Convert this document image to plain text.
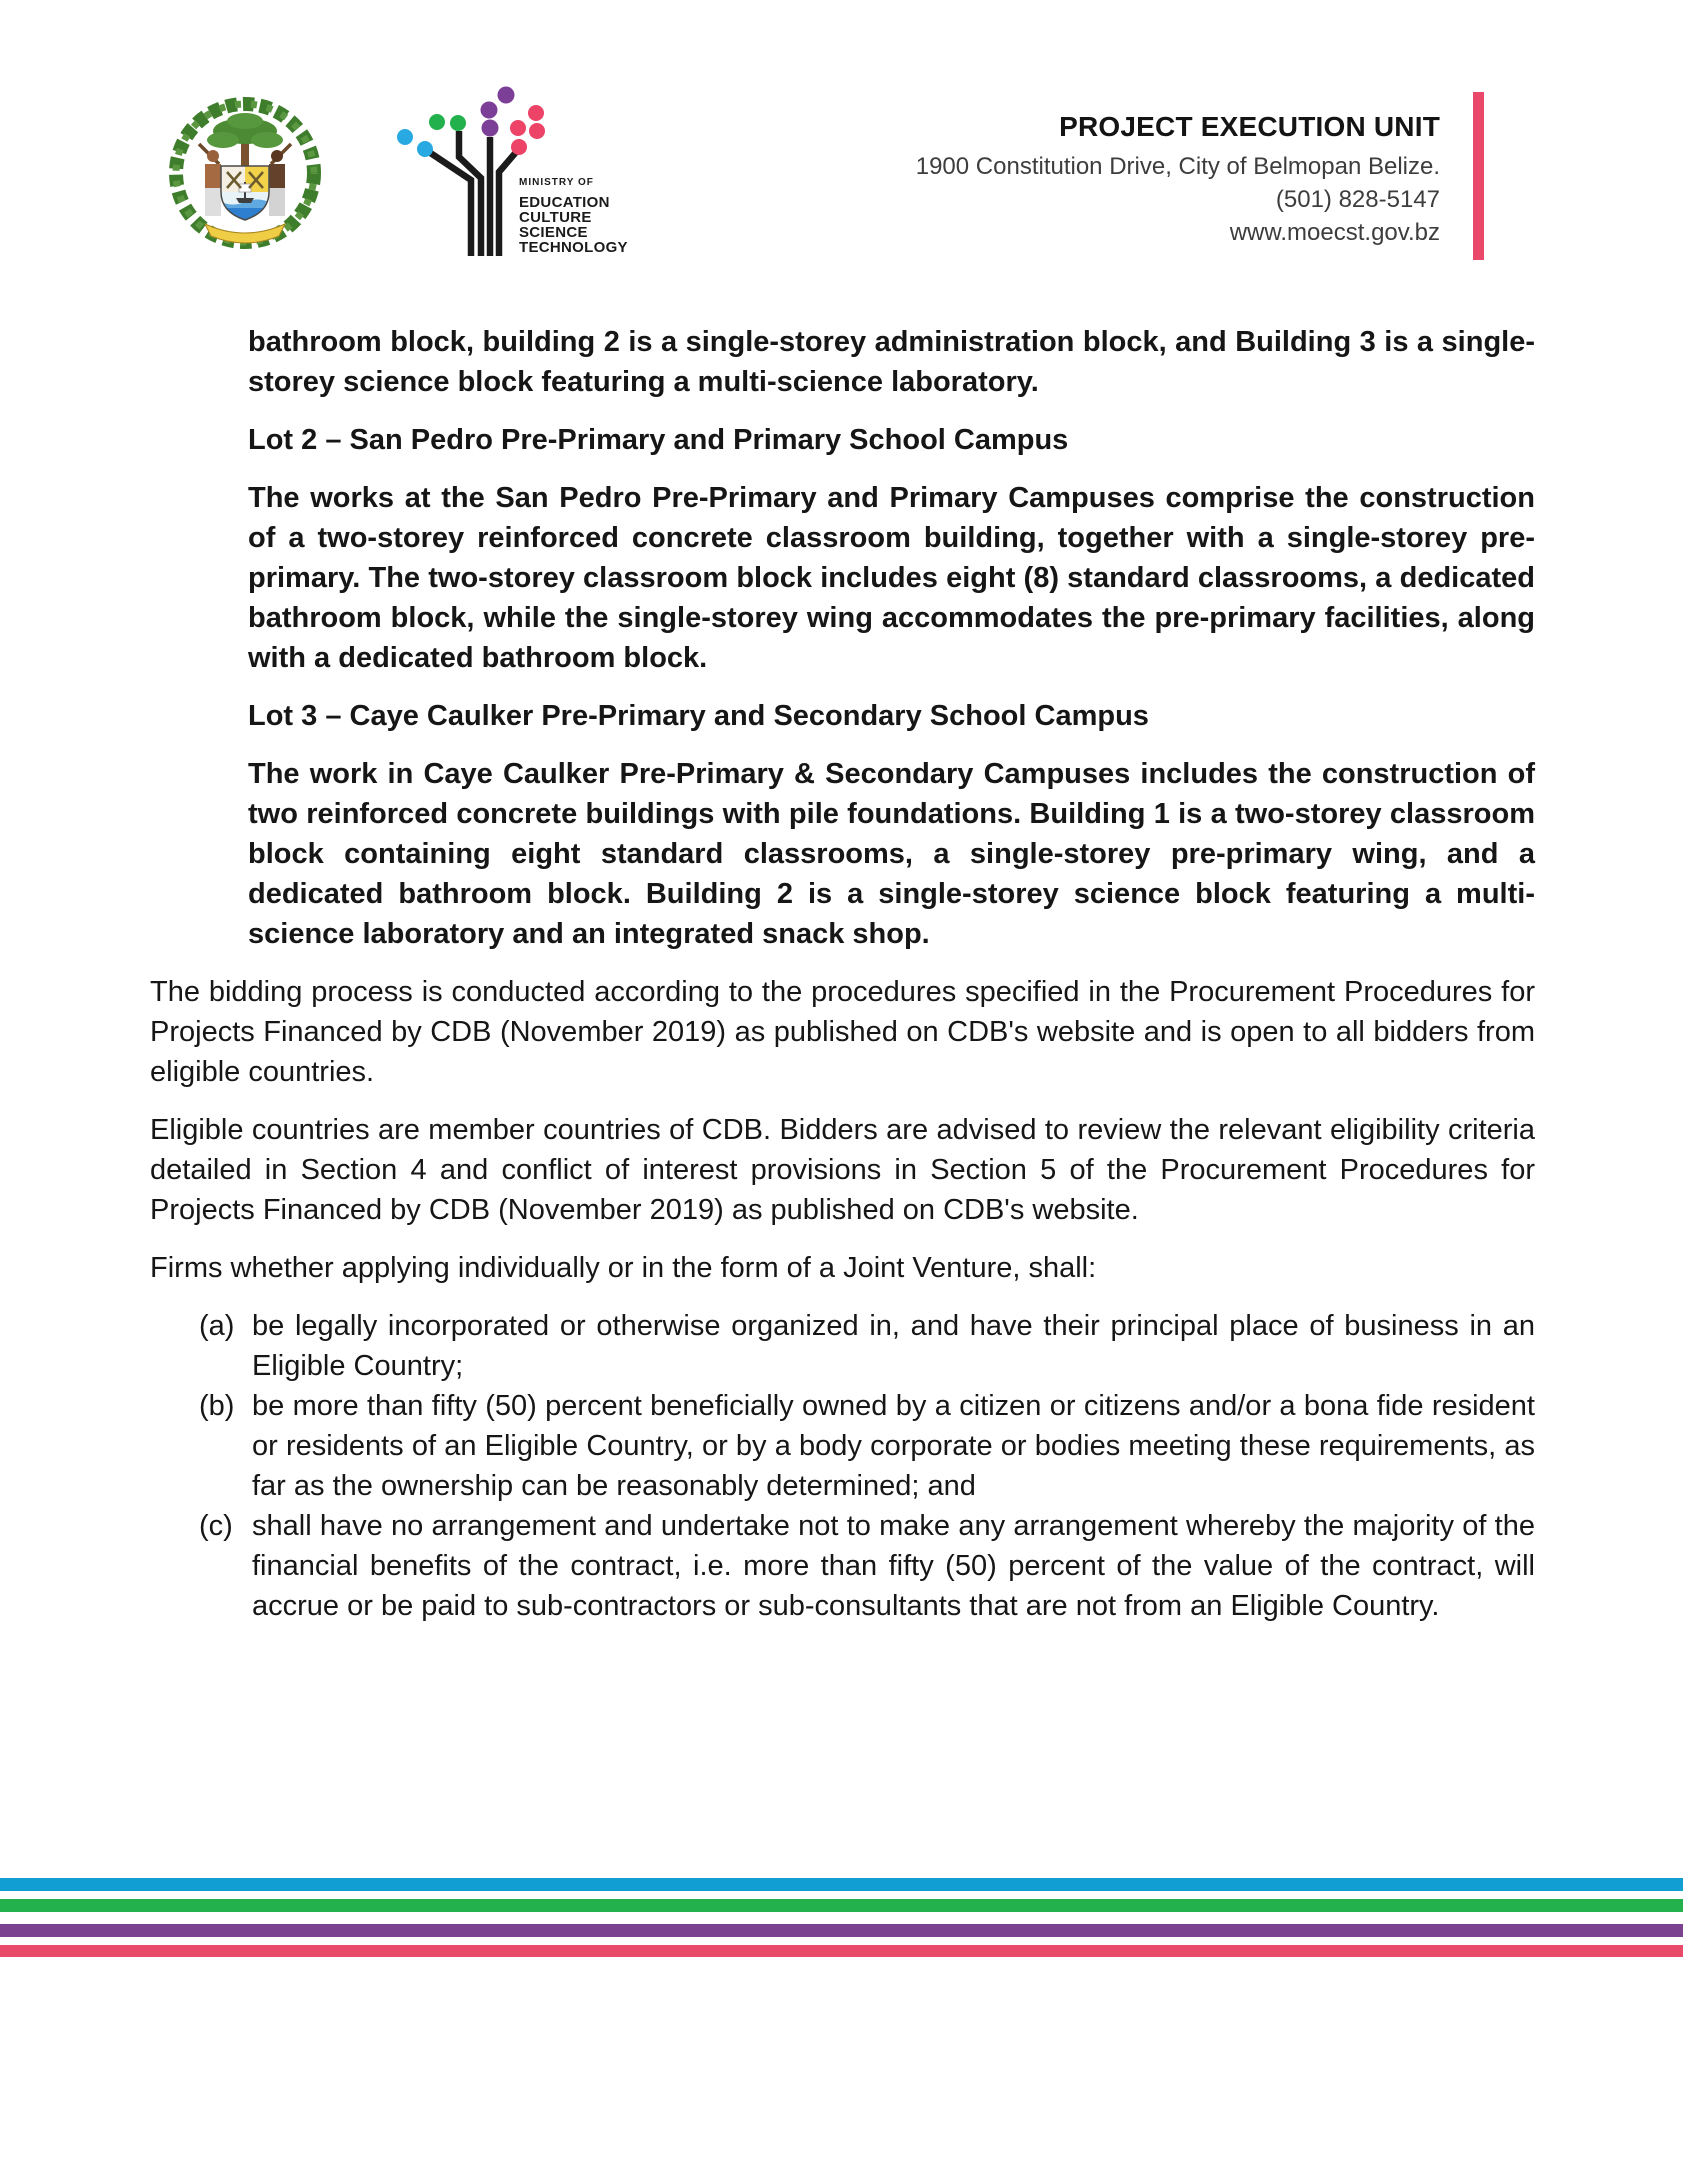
MINISTRY OF
EDUCATION
CULTURE
SCIENCE
TECHNOLOGY
PROJECT EXECUTION UNIT
1900 Constitution Drive, City of Belmopan Belize.
(501) 828-5147
www.moecst.gov.bz

bathroom block, building 2 is a single-storey administration block, and Building 3 is a single-storey science block featuring a multi-science laboratory.

Lot 2 – San Pedro Pre-Primary and Primary School Campus

The works at the San Pedro Pre-Primary and Primary Campuses comprise the construction of a two-storey reinforced concrete classroom building, together with a single-storey pre-primary. The two-storey classroom block includes eight (8) standard classrooms, a dedicated bathroom block, while the single-storey wing accommodates the pre-primary facilities, along with a dedicated bathroom block.

Lot 3 – Caye Caulker Pre-Primary and Secondary School Campus

The work in Caye Caulker Pre-Primary & Secondary Campuses includes the construction of two reinforced concrete buildings with pile foundations. Building 1 is a two-storey classroom block containing eight standard classrooms, a single-storey pre-primary wing, and a dedicated bathroom block. Building 2 is a single-storey science block featuring a multi-science laboratory and an integrated snack shop.

The bidding process is conducted according to the procedures specified in the Procurement Procedures for Projects Financed by CDB (November 2019) as published on CDB's website and is open to all bidders from eligible countries.

Eligible countries are member countries of CDB. Bidders are advised to review the relevant eligibility criteria detailed in Section 4 and conflict of interest provisions in Section 5 of the Procurement Procedures for Projects Financed by CDB (November 2019) as published on CDB's website.

Firms whether applying individually or in the form of a Joint Venture, shall:

(a) be legally incorporated or otherwise organized in, and have their principal place of business in an Eligible Country;
(b) be more than fifty (50) percent beneficially owned by a citizen or citizens and/or a bona fide resident or residents of an Eligible Country, or by a body corporate or bodies meeting these requirements, as far as the ownership can be reasonably determined; and
(c) shall have no arrangement and undertake not to make any arrangement whereby the majority of the financial benefits of the contract, i.e. more than fifty (50) percent of the value of the contract, will accrue or be paid to sub-contractors or sub-consultants that are not from an Eligible Country.
